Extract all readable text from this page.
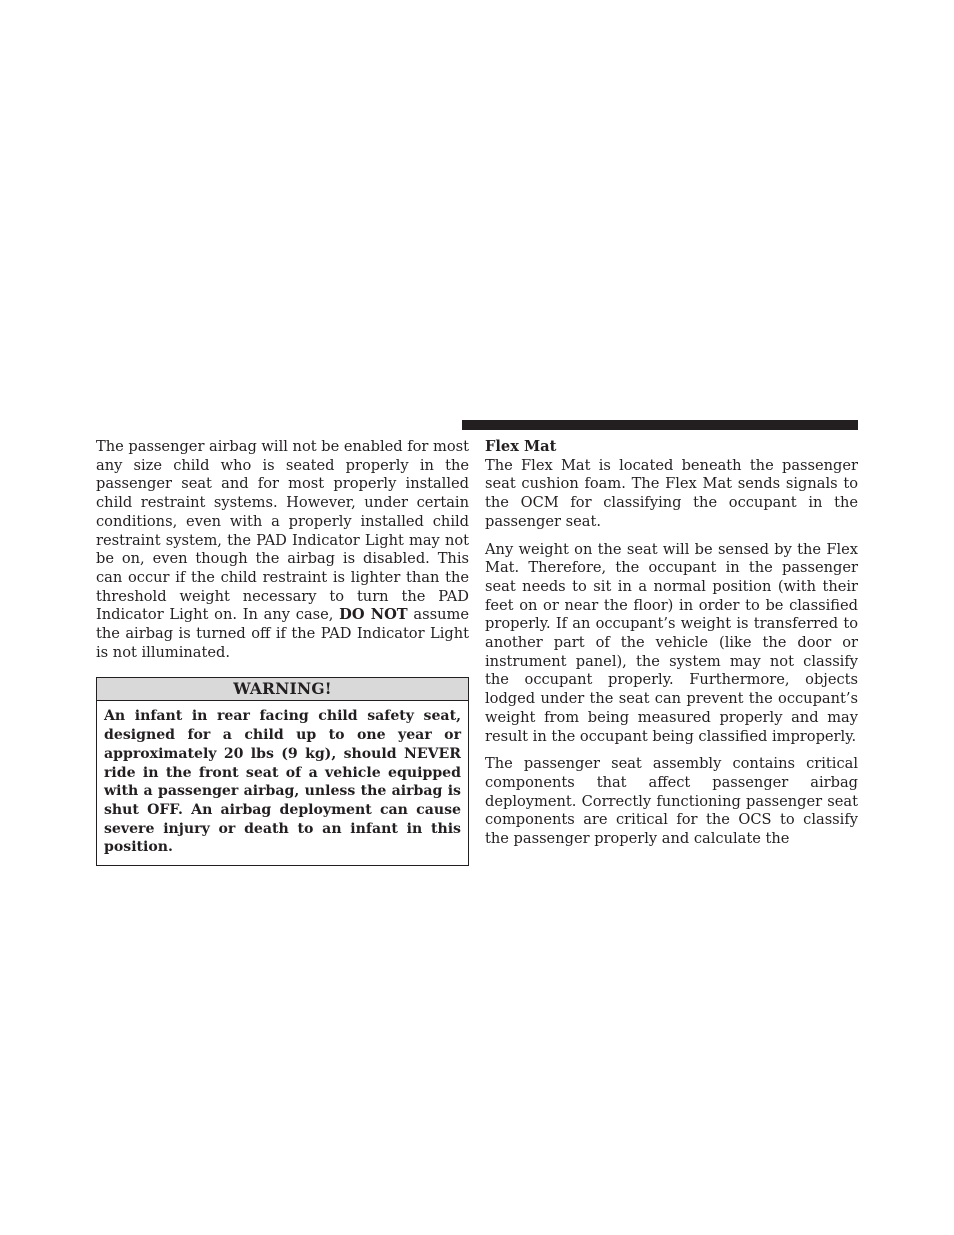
The passenger airbag will not be enabled for most any size child who is seated properly in the passenger seat and for most properly installed child restraint systems. However, under certain conditions, even with a properly installed child restraint system, the PAD Indicator Light may not be on, even though the airbag is disabled. This can occur if the child restraint is lighter than the threshold weight necessary to turn the PAD Indicator Light on. In any case, DO NOT assume the airbag is turned off if the PAD Indicator Light is not illuminated.

WARNING!
An infant in rear facing child safety seat, designed for a child up to one year or approximately 20 lbs (9 kg), should NEVER ride in the front seat of a vehicle equipped with a passenger airbag, unless the airbag is shut OFF. An airbag deployment can cause severe injury or death to an infant in this position.
Flex Mat

The Flex Mat is located beneath the passenger seat cushion foam. The Flex Mat sends signals to the OCM for classifying the occupant in the passenger seat.

Any weight on the seat will be sensed by the Flex Mat. Therefore, the occupant in the passenger seat needs to sit in a normal position (with their feet on or near the floor) in order to be classified properly. If an occupant’s weight is transferred to another part of the vehicle (like the door or instrument panel), the system may not classify the occupant properly. Furthermore, objects lodged under the seat can prevent the occupant’s weight from being measured properly and may result in the occupant being classified improperly.

The passenger seat assembly contains critical components that affect passenger airbag deployment. Correctly functioning passenger seat components are critical for the OCS to classify the passenger properly and calculate the
